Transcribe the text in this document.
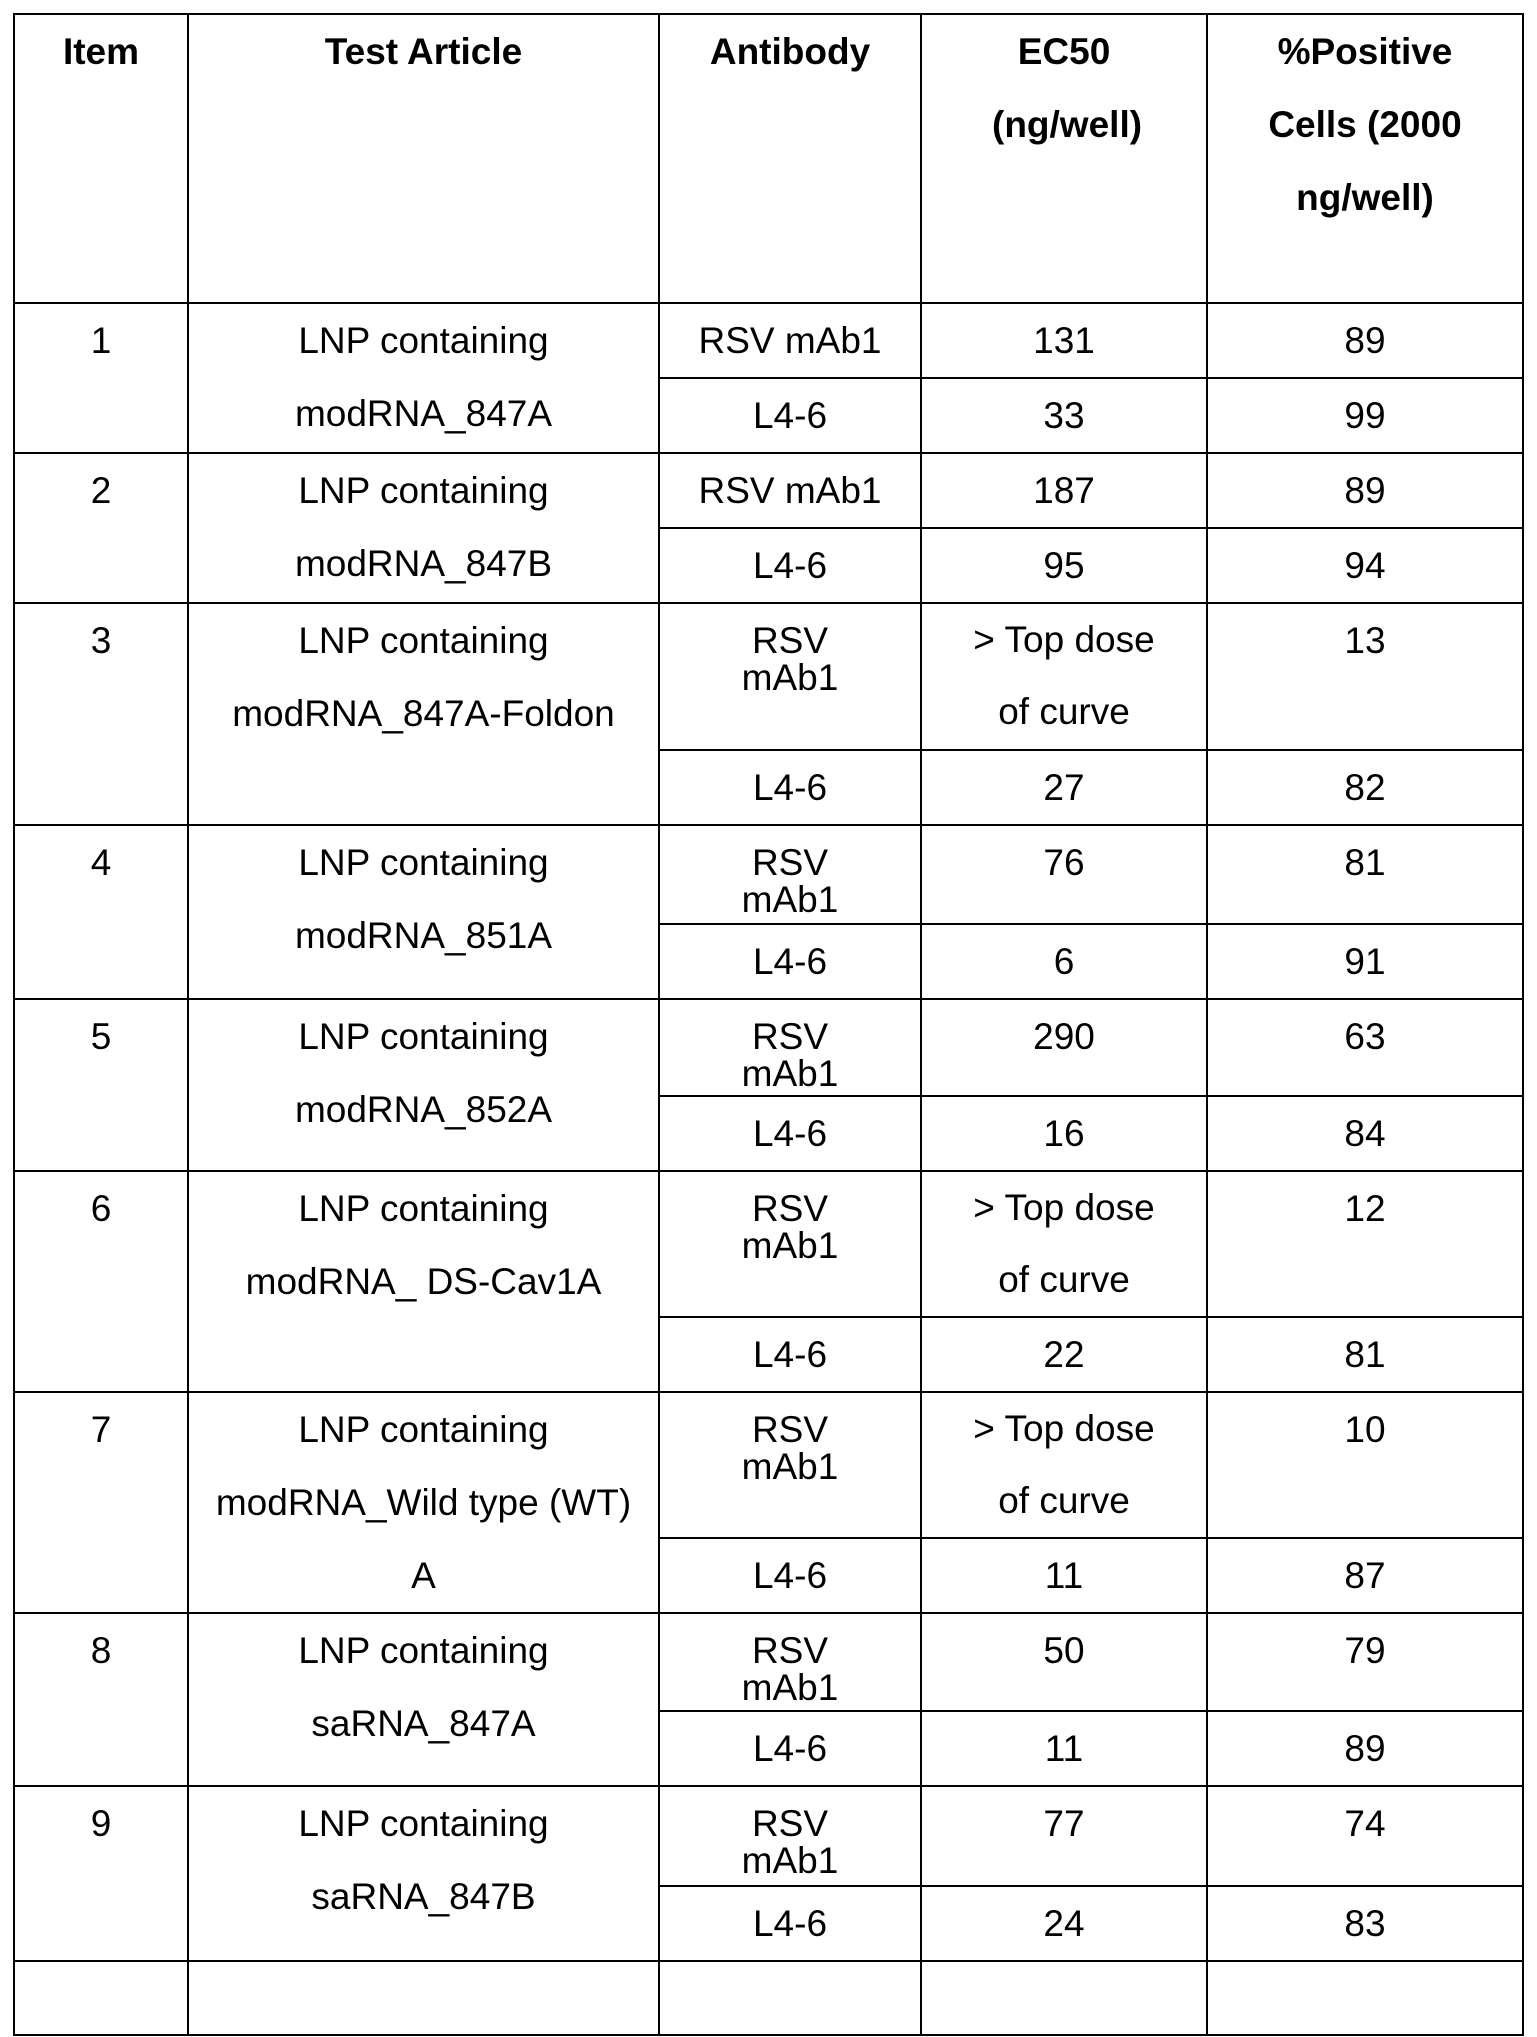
Item	Test Article	Antibody	EC50 (ng/well)	%Positive Cells (2000 ng/well)
1	LNP containing modRNA_847A	RSV mAb1	131	89
L4-6	33	99
2	LNP containing modRNA_847B	RSV mAb1	187	89
L4-6	95	94
3	LNP containing modRNA_847A-Foldon	RSV mAb1	> Top dose of curve	13
L4-6	27	82
4	LNP containing modRNA_851A	RSV mAb1	76	81
L4-6	6	91
5	LNP containing modRNA_852A	RSV mAb1	290	63
L4-6	16	84
6	LNP containing modRNA_ DS-Cav1A	RSV mAb1	> Top dose of curve	12
L4-6	22	81
7	LNP containing modRNA_Wild type (WT) A	RSV mAb1	> Top dose of curve	10
L4-6	11	87
8	LNP containing saRNA_847A	RSV mAb1	50	79
L4-6	11	89
9	LNP containing saRNA_847B	RSV mAb1	77	74
L4-6	24	83
